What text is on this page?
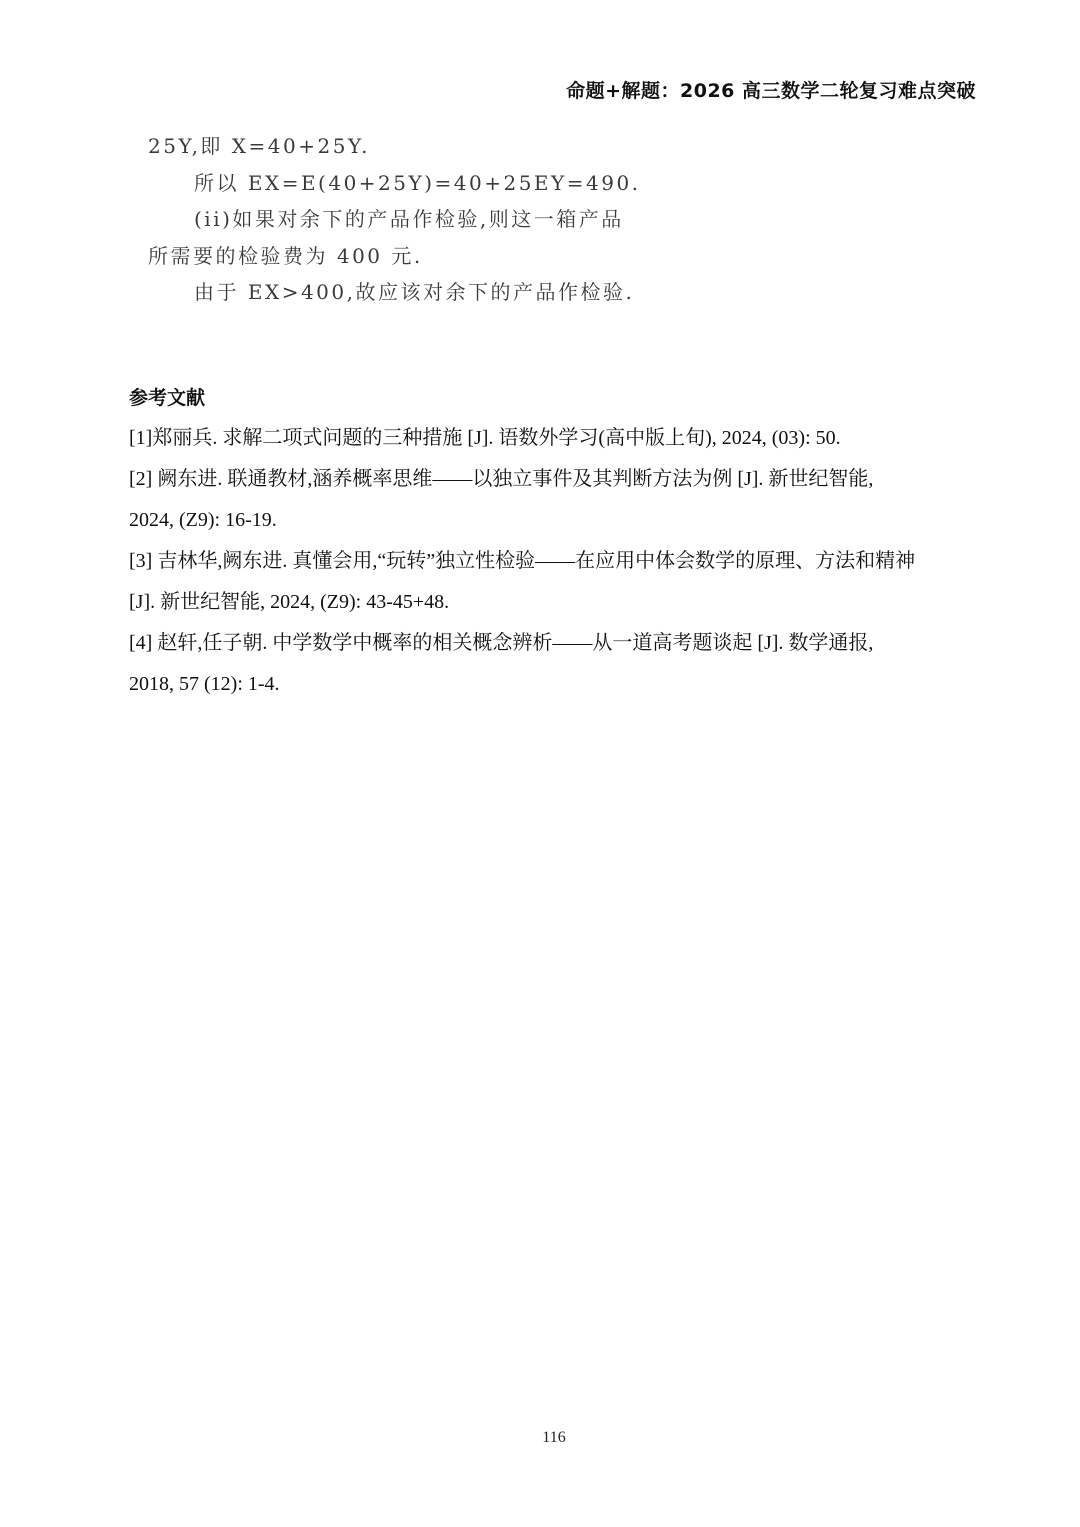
命题+解题：2026 高三数学二轮复习难点突破
25Y,即 X=40+25Y.
所以 EX=E(40+25Y)=40+25EY=490.
(ii)如果对余下的产品作检验,则这一箱产品
所需要的检验费为 400 元.
由于 EX>400,故应该对余下的产品作检验.
参考文献
[1]郑丽兵. 求解二项式问题的三种措施 [J]. 语数外学习(高中版上旬), 2024, (03): 50.
[2] 阙东进. 联通教材,涵养概率思维——以独立事件及其判断方法为例 [J]. 新世纪智能,
2024, (Z9): 16-19.
[3] 吉林华,阙东进. 真懂会用,“玩转”独立性检验——在应用中体会数学的原理、方法和精神
[J]. 新世纪智能, 2024, (Z9): 43-45+48.
[4] 赵轩,任子朝. 中学数学中概率的相关概念辨析——从一道高考题谈起 [J]. 数学通报,
2018, 57 (12): 1-4.
116
